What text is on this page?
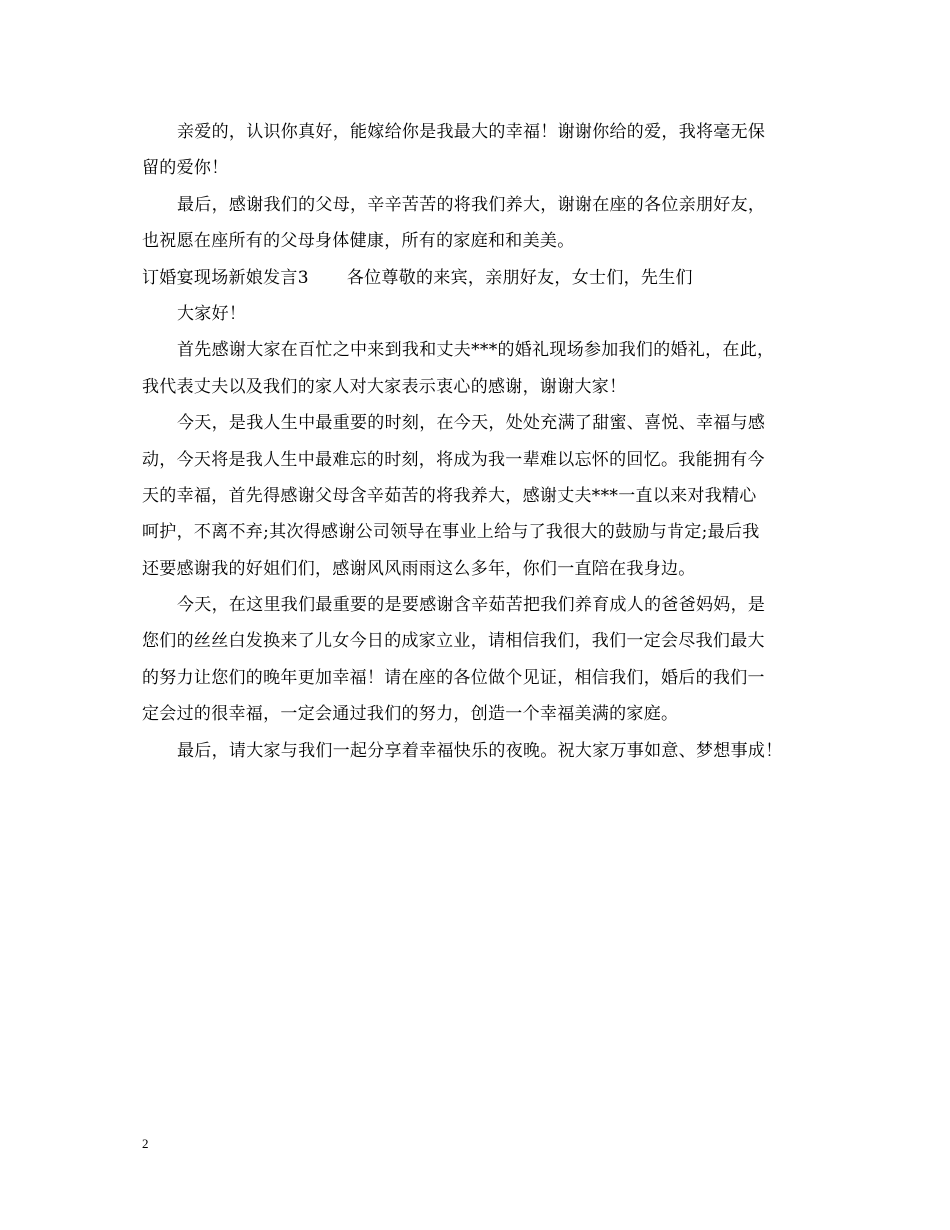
亲爱的，认识你真好，能嫁给你是我最大的幸福！谢谢你给的爱，我将毫无保
留的爱你！
最后，感谢我们的父母，辛辛苦苦的将我们养大，谢谢在座的各位亲朋好友，
也祝愿在座所有的父母身体健康，所有的家庭和和美美。
订婚宴现场新娘发言3 各位尊敬的来宾，亲朋好友，女士们，先生们
大家好！
首先感谢大家在百忙之中来到我和丈夫***的婚礼现场参加我们的婚礼，在此，
我代表丈夫以及我们的家人对大家表示衷心的感谢，谢谢大家！
今天，是我人生中最重要的时刻，在今天，处处充满了甜蜜、喜悦、幸福与感
动，今天将是我人生中最难忘的时刻，将成为我一辈难以忘怀的回忆。我能拥有今
天的幸福，首先得感谢父母含辛茹苦的将我养大，感谢丈夫***一直以来对我精心
呵护，不离不弃;其次得感谢公司领导在事业上给与了我很大的鼓励与肯定;最后我
还要感谢我的好姐们们，感谢风风雨雨这么多年，你们一直陪在我身边。
今天，在这里我们最重要的是要感谢含辛茹苦把我们养育成人的爸爸妈妈，是
您们的丝丝白发换来了儿女今日的成家立业，请相信我们，我们一定会尽我们最大
的努力让您们的晚年更加幸福！请在座的各位做个见证，相信我们，婚后的我们一
定会过的很幸福，一定会通过我们的努力，创造一个幸福美满的家庭。
最后，请大家与我们一起分享着幸福快乐的夜晚。祝大家万事如意、梦想事成！
2
